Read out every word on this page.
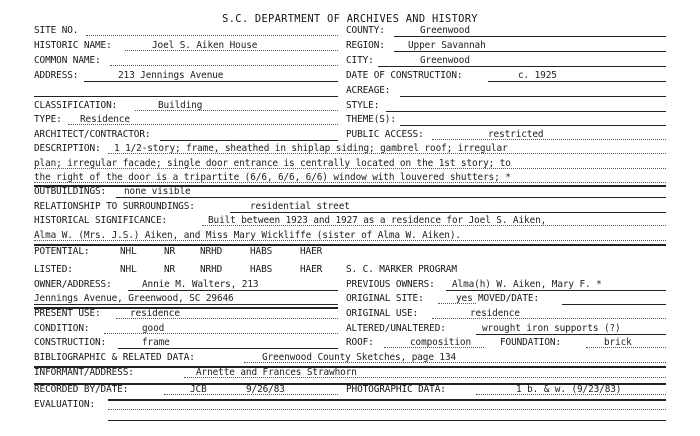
S.C. DEPARTMENT OF ARCHIVES AND HISTORY
SITE NO.	COUNTY:	Greenwood
HISTORIC NAME:	Joel S. Aiken House	REGION: Upper Savannah
COMMON NAME:	CITY:	Greenwood
ADDRESS:	213 Jennings Avenue	DATE OF CONSTRUCTION:	c. 1925
ACREAGE:
CLASSIFICATION:	Building	STYLE:
TYPE: Residence	THEME(S):
ARCHITECT/CONTRACTOR:	PUBLIC ACCESS:	restricted
DESCRIPTION: 1 1/2-story; frame, sheathed in shiplap siding; gambrel roof; irregular
plan; irregular facade; single door entrance is centrally located on the 1st story; to
the right of the door is a tripartite (6/6, 6/6, 6/6) window with louvered shutters; *
OUTBUILDINGS: none visible
RELATIONSHIP TO SURROUNDINGS:	residential street
HISTORICAL SIGNIFICANCE:	Built between 1923 and 1927 as a residence for Joel S. Aiken,
Alma W. (Mrs. J.S.) Aiken, and Miss Mary Wickliffe (sister of Alma W. Aiken).
POTENTIAL:	NHL	NR	NRHD	HABS	HAER
LISTED:	NHL	NR	NRHD	HABS	HAER	S. C. MARKER PROGRAM
OWNER/ADDRESS:	Annie M. Walters, 213	PREVIOUS OWNERS: Alma(h) W. Aiken, Mary F. *
Jennings Avenue, Greenwood, SC 29646	ORIGINAL SITE:	yes MOVED/DATE:
PRESENT USE:	residence	ORIGINAL USE:	residence
CONDITION:	good	ALTERED/UNALTERED:	wrought iron supports (?)
CONSTRUCTION:	frame	ROOF:	composition	FOUNDATION:	brick
BIBLIOGRAPHIC & RELATED DATA:	Greenwood County Sketches, page 134
INFORMANT/ADDRESS:	Arnette and Frances Strawhorn
RECORDED BY/DATE:	JCB	9/26/83	PHOTOGRAPHIC DATA:	1 b. & w. (9/23/83)
EVALUATION:
